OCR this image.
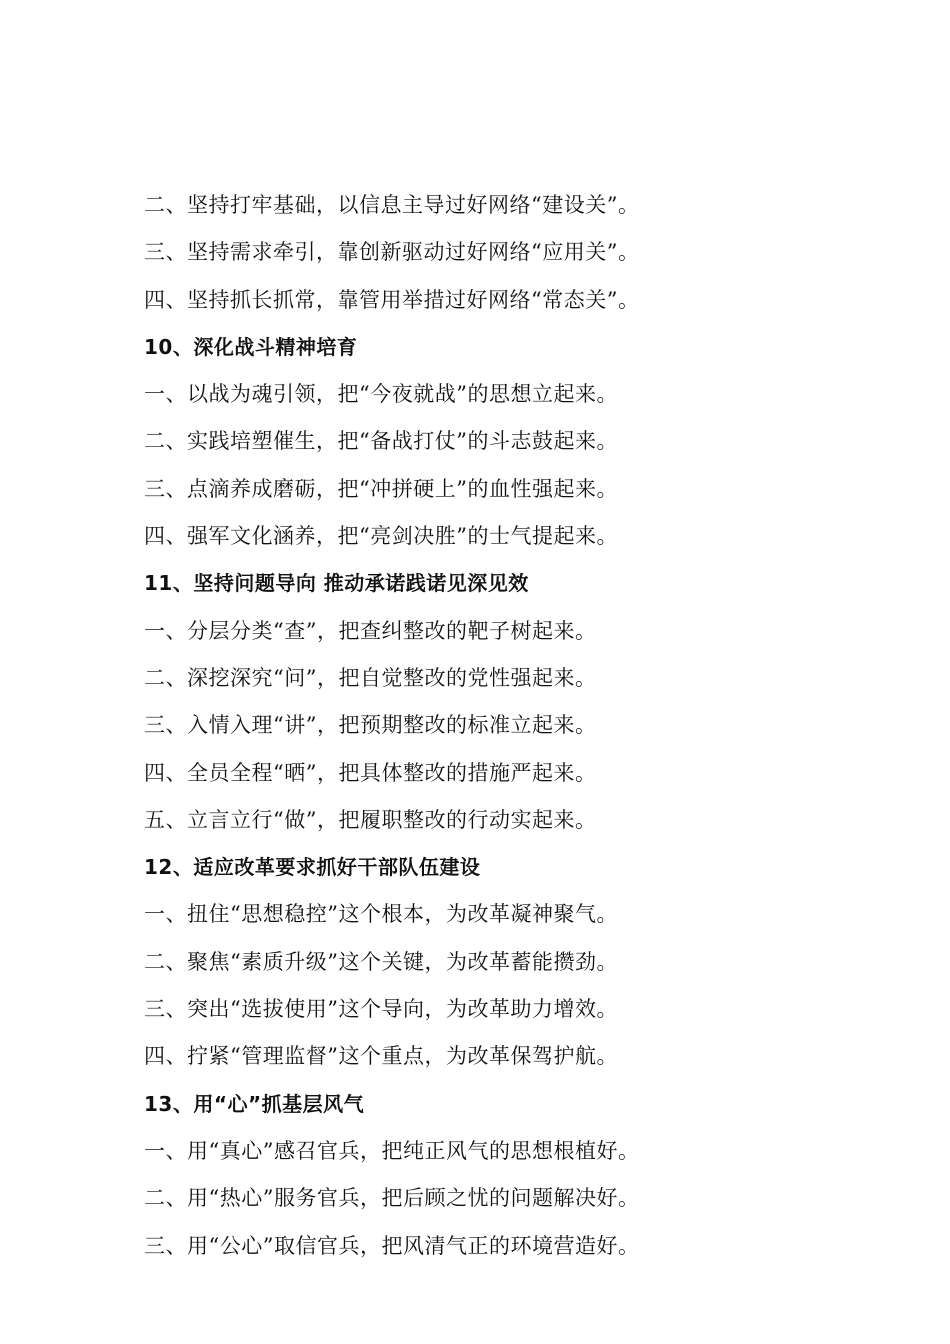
二、坚持打牢基础，以信息主导过好网络“建设关”。
三、坚持需求牵引，靠创新驱动过好网络“应用关”。
四、坚持抓长抓常，靠管用举措过好网络“常态关”。
10、深化战斗精神培育
一、以战为魂引领，把“今夜就战”的思想立起来。
二、实践培塑催生，把“备战打仗”的斗志鼓起来。
三、点滴养成磨砺，把“冲拼硬上”的血性强起来。
四、强军文化涵养，把“亮剑决胜”的士气提起来。
11、坚持问题导向 推动承诺践诺见深见效
一、分层分类“查”，把查纠整改的靶子树起来。
二、深挖深究“问”，把自觉整改的党性强起来。
三、入情入理“讲”，把预期整改的标准立起来。
四、全员全程“晒”，把具体整改的措施严起来。
五、立言立行“做”，把履职整改的行动实起来。
12、适应改革要求抓好干部队伍建设
一、扭住“思想稳控”这个根本，为改革凝神聚气。
二、聚焦“素质升级”这个关键，为改革蓄能攒劲。
三、突出“选拔使用”这个导向，为改革助力增效。
四、拧紧“管理监督”这个重点，为改革保驾护航。
13、用“心”抓基层风气
一、用“真心”感召官兵，把纯正风气的思想根植好。
二、用“热心”服务官兵，把后顾之忧的问题解决好。
三、用“公心”取信官兵，把风清气正的环境营造好。
